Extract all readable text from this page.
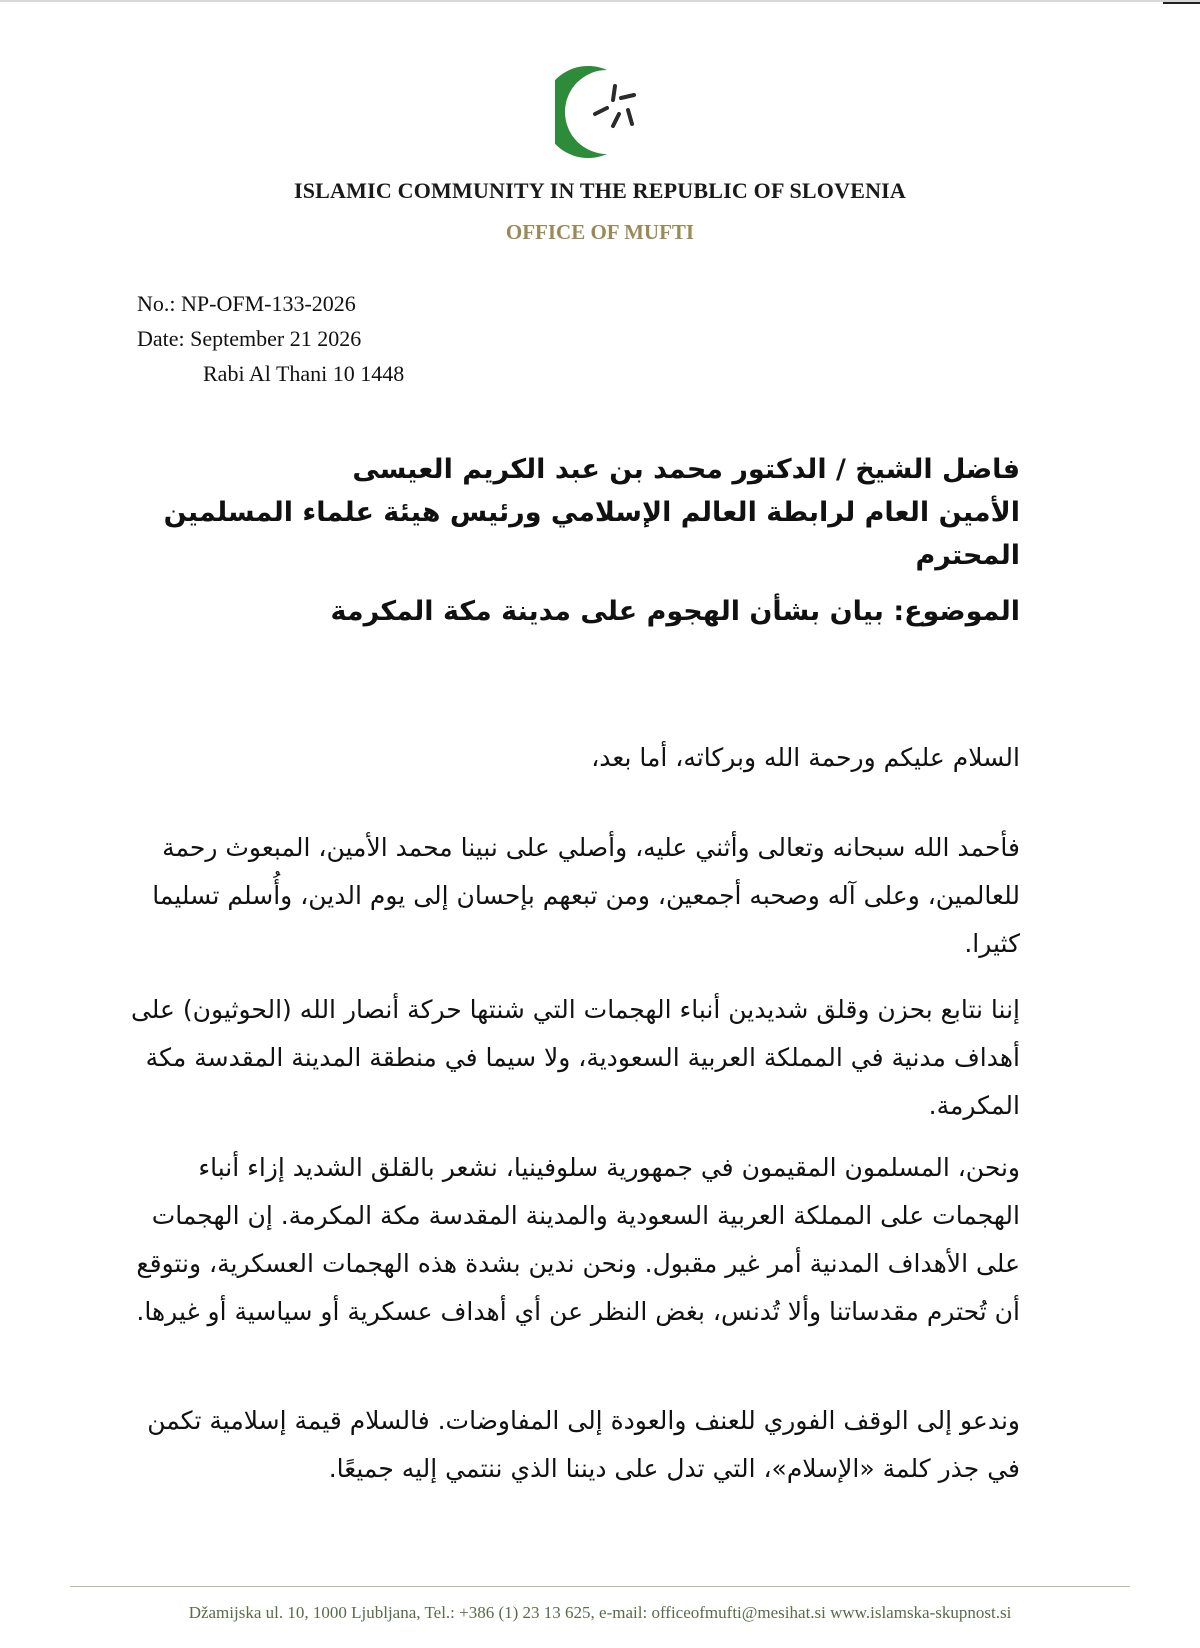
ISLAMIC COMMUNITY IN THE REPUBLIC OF SLOVENIA
OFFICE OF MUFTI
No.: NP-OFM-133-2026
Date: September 21 2026
Rabi Al Thani 10 1448
فاضل الشيخ / الدكتور محمد بن عبد الكريم العيسى
الأمين العام لرابطة العالم الإسلامي ورئيس هيئة علماء المسلمين المحترم
الموضوع: بيان بشأن الهجوم على مدينة مكة المكرمة
السلام عليكم ورحمة الله وبركاته، أما بعد،

فأحمد الله سبحانه وتعالى وأثني عليه، وأصلي على نبينا محمد الأمين، المبعوث رحمة للعالمين، وعلى آله وصحبه أجمعين، ومن تبعهم بإحسان إلى يوم الدين، وأُسلم تسليما كثيرا.

إننا نتابع بحزن وقلق شديدين أنباء الهجمات التي شنتها حركة أنصار الله (الحوثيون) على أهداف مدنية في المملكة العربية السعودية، ولا سيما في منطقة المدينة المقدسة مكة المكرمة.

ونحن، المسلمون المقيمون في جمهورية سلوفينيا، نشعر بالقلق الشديد إزاء أنباء الهجمات على المملكة العربية السعودية والمدينة المقدسة مكة المكرمة. إن الهجمات على الأهداف المدنية أمر غير مقبول. ونحن ندين بشدة هذه الهجمات العسكرية، ونتوقع أن تُحترم مقدساتنا وألا تُدنس، بغض النظر عن أي أهداف عسكرية أو سياسية أو غيرها.

وندعو إلى الوقف الفوري للعنف والعودة إلى المفاوضات. فالسلام قيمة إسلامية تكمن في جذر كلمة «الإسلام»، التي تدل على ديننا الذي ننتمي إليه جميعًا.

Džamijska ul. 10, 1000 Ljubljana, Tel.: +386 (1) 23 13 625, e-mail: officeofmufti@mesihat.si www.islamska-skupnost.si
